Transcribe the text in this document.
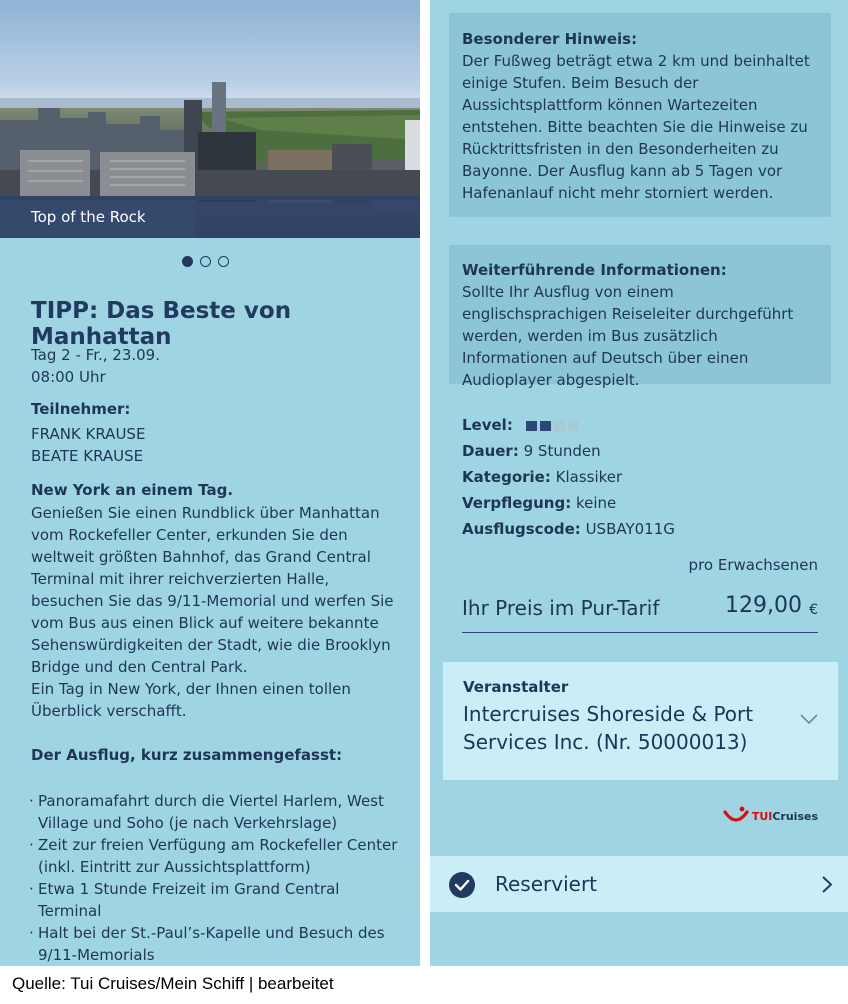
Top of the Rock
TIPP: Das Beste von Manhattan
Tag 2 - Fr., 23.09.
08:00 Uhr
Teilnehmer:
FRANK KRAUSE
BEATE KRAUSE
New York an einem Tag.
Genießen Sie einen Rundblick über Manhattan vom Rockefeller Center, erkunden Sie den weltweit größten Bahnhof, das Grand Central Terminal mit ihrer reichverzierten Halle, besuchen Sie das 9/11-Memorial und werfen Sie vom Bus aus einen Blick auf weitere bekannte Sehenswürdigkeiten der Stadt, wie die Brooklyn Bridge und den Central Park.
Ein Tag in New York, der Ihnen einen tollen Überblick verschafft.
Der Ausflug, kurz zusammengefasst:
· Panoramafahrt durch die Viertel Harlem, West Village und Soho (je nach Verkehrslage)
· Zeit zur freien Verfügung am Rockefeller Center (inkl. Eintritt zur Aussichtsplattform)
· Etwa 1 Stunde Freizeit im Grand Central Terminal
· Halt bei der St.-Paul’s-Kapelle und Besuch des 9/11-Memorials
Besonderer Hinweis:

Der Fußweg beträgt etwa 2 km und beinhaltet einige Stufen. Beim Besuch der Aussichtsplattform können Wartezeiten entstehen. Bitte beachten Sie die Hinweise zu Rücktrittsfristen in den Besonderheiten zu Bayonne. Der Ausflug kann ab 5 Tagen vor Hafenanlauf nicht mehr storniert werden.

Weiterführende Informationen:

Sollte Ihr Ausflug von einem englischsprachigen Reiseleiter durchgeführt werden, werden im Bus zusätzlich Informationen auf Deutsch über einen Audioplayer abgespielt.

Level:
Dauer: 9 Stunden
Kategorie: Klassiker
Verpflegung: keine
Ausflugscode: USBAY011G
pro Erwachsenen
Ihr Preis im Pur-Tarif	129,00 €
Veranstalter
Intercruises Shoreside & Port Services Inc. (Nr. 50000013)
TUICruises
Reserviert
Quelle: Tui Cruises/Mein Schiff | bearbeitet
